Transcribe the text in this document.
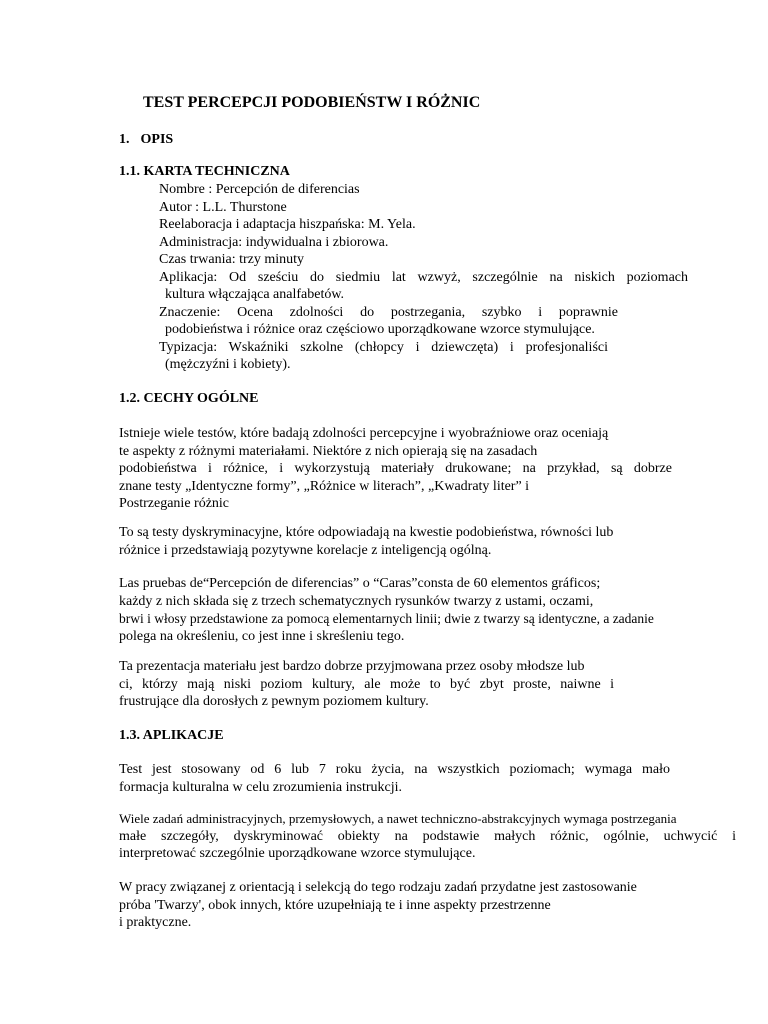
TEST PERCEPCJI PODOBIEŃSTW I RÓŻNIC
1. OPIS
1.1. KARTA TECHNICZNA
Nombre : Percepción de diferencias
Autor : L.L. Thurstone
Reelaboracja i adaptacja hiszpańska: M. Yela.
Administracja: indywidualna i zbiorowa.
Czas trwania: trzy minuty
Aplikacja: Od sześciu do siedmiu lat wzwyż, szczególnie na niskich poziomach
kultura włączająca analfabetów.
Znaczenie: Ocena zdolności do postrzegania, szybko i poprawnie
podobieństwa i różnice oraz częściowo uporządkowane wzorce stymulujące.
Typizacja: Wskaźniki szkolne (chłopcy i dziewczęta) i profesjonaliści
(mężczyźni i kobiety).
1.2. CECHY OGÓLNE
Istnieje wiele testów, które badają zdolności percepcyjne i wyobraźniowe oraz oceniają
te aspekty z różnymi materiałami. Niektóre z nich opierają się na zasadach
podobieństwa i różnice, i wykorzystują materiały drukowane; na przykład, są dobrze
znane testy „Identyczne formy”, „Różnice w literach”, „Kwadraty liter” i
Postrzeganie różnic
To są testy dyskryminacyjne, które odpowiadają na kwestie podobieństwa, równości lub
różnice i przedstawiają pozytywne korelacje z inteligencją ogólną.
Las pruebas de“Percepción de diferencias” o “Caras”consta de 60 elementos gráficos;
każdy z nich składa się z trzech schematycznych rysunków twarzy z ustami, oczami,
brwi i włosy przedstawione za pomocą elementarnych linii; dwie z twarzy są identyczne, a zadanie
polega na określeniu, co jest inne i skreśleniu tego.
Ta prezentacja materiału jest bardzo dobrze przyjmowana przez osoby młodsze lub
ci, którzy mają niski poziom kultury, ale może to być zbyt proste, naiwne i
frustrujące dla dorosłych z pewnym poziomem kultury.
1.3. APLIKACJE
Test jest stosowany od 6 lub 7 roku życia, na wszystkich poziomach; wymaga mało
formacja kulturalna w celu zrozumienia instrukcji.
Wiele zadań administracyjnych, przemysłowych, a nawet techniczno-abstrakcyjnych wymaga postrzegania
małe szczegóły, dyskryminować obiekty na podstawie małych różnic, ogólnie, uchwycić i
interpretować szczególnie uporządkowane wzorce stymulujące.
W pracy związanej z orientacją i selekcją do tego rodzaju zadań przydatne jest zastosowanie
próba 'Twarzy', obok innych, które uzupełniają te i inne aspekty przestrzenne
i praktyczne.
